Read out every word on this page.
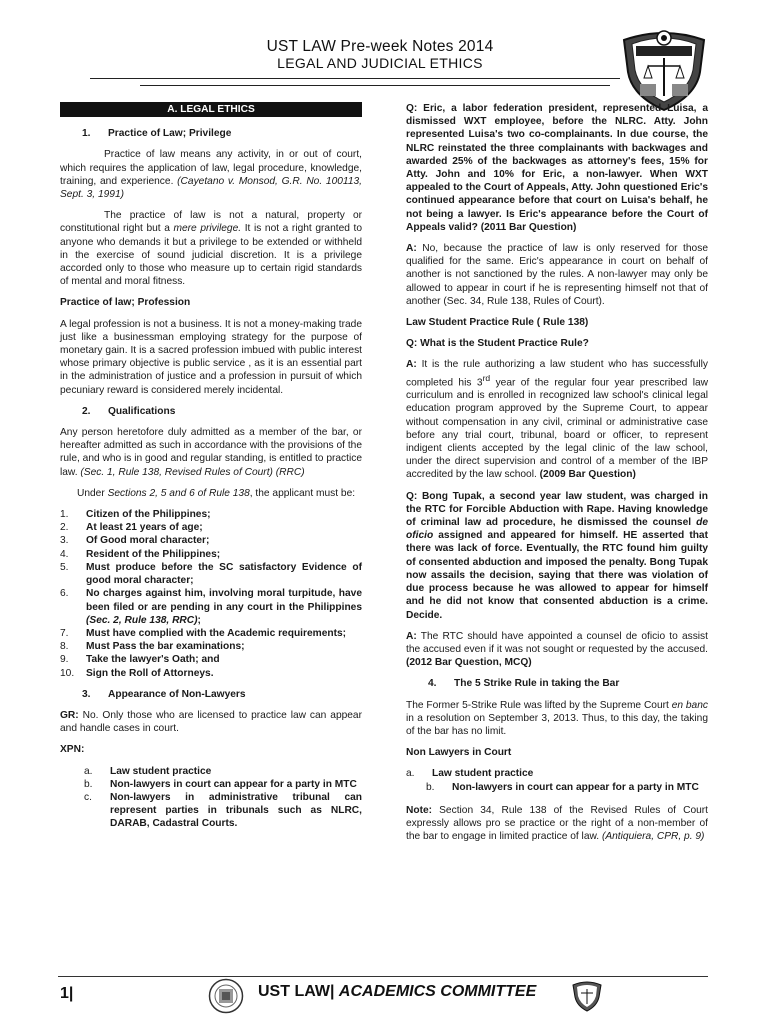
UST LAW Pre-week Notes 2014
LEGAL AND JUDICIAL ETHICS
A. LEGAL ETHICS
1.	Practice of Law; Privilege

Practice of law means any activity, in or out of court, which requires the application of law, legal procedure, knowledge, training, and experience. (Cayetano v. Monsod, G.R. No. 100113, Sept. 3, 1991)

The practice of law is not a natural, property or constitutional right but a mere privilege. It is not a right granted to anyone who demands it but a privilege to be extended or withheld in the exercise of sound judicial discretion. It is a privilege accorded only to those who measure up to certain rigid standards of mental and moral fitness.

Practice of law; Profession

A legal profession is not a business. It is not a money-making trade just like a businessman employing strategy for the purpose of monetary gain. It is a sacred profession imbued with public interest whose primary objective is public service , as it is an essential part in the administration of justice and a profession in pursuit of which pecuniary reward is considered merely incidental.

2.	Qualifications

Any person heretofore duly admitted as a member of the bar, or hereafter admitted as such in accordance with the provisions of the rule, and who is in good and regular standing, is entitled to practice law. (Sec. 1, Rule 138, Revised Rules of Court) (RRC)

Under Sections 2, 5 and 6 of Rule 138, the applicant must be:

1.	Citizen of the Philippines;
2.	At least 21 years of age;
3.	Of Good moral character;
4.	Resident of the Philippines;
5.	Must produce before the SC satisfactory Evidence of good moral character;
6.	No charges against him, involving moral turpitude, have been filed or are pending in any court in the Philippines (Sec. 2, Rule 138, RRC);
7.	Must have complied with the Academic requirements;
8.	Must Pass the bar examinations;
9.	Take the lawyer's Oath; and
10.	Sign the Roll of Attorneys.
3.	Appearance of Non-Lawyers

GR: No. Only those who are licensed to practice law can appear and handle cases in court.

XPN:

a.	Law student practice
b.	Non-lawyers in court can appear for a party in MTC
c.	Non-lawyers in administrative tribunal can represent parties in tribunals such as NLRC, DARAB, Cadastral Courts.

Q: Eric, a labor federation president, represented Luisa, a dismissed WXT employee, before the NLRC. Atty. John represented Luisa's two co-complainants. In due course, the NLRC reinstated the three complainants with backwages and awarded 25% of the backwages as attorney's fees, 15% for Atty. John and 10% for Eric, a non-lawyer. When WXT appealed to the Court of Appeals, Atty. John questioned Eric's continued appearance before that court on Luisa's behalf, he not being a lawyer. Is Eric's appearance before the Court of Appeals valid? (2011 Bar Question)

A: No, because the practice of law is only reserved for those qualified for the same. Eric's appearance in court on behalf of another is not sanctioned by the rules. A non-lawyer may only be allowed to appear in court if he is representing himself not that of another (Sec. 34, Rule 138, Rules of Court).

Law Student Practice Rule ( Rule 138)

Q: What is the Student Practice Rule?

A: It is the rule authorizing a law student who has successfully completed his 3rd year of the regular four year prescribed law curriculum and is enrolled in recognized law school's clinical legal education program approved by the Supreme Court, to appear without compensation in any civil, criminal or administrative case before any trial court, tribunal, board or officer, to represent indigent clients accepted by the legal clinic of the law school, under the direct supervision and control of a member of the IBP accredited by the law school. (2009 Bar Question)

Q: Bong Tupak, a second year law student, was charged in the RTC for Forcible Abduction with Rape. Having knowledge of criminal law ad procedure, he dismissed the counsel de oficio assigned and appeared for himself. HE asserted that there was lack of force. Eventually, the RTC found him guilty of consented abduction and imposed the penalty. Bong Tupak now assails the decision, saying that there was violation of due process because he was allowed to appear for himself and he did not know that consented abduction is a crime. Decide.

A: The RTC should have appointed a counsel de oficio to assist the accused even if it was not sought or requested by the accused. (2012 Bar Question, MCQ)

4.	The 5 Strike Rule in taking the Bar

The Former 5-Strike Rule was lifted by the Supreme Court en banc in a resolution on September 3, 2013. Thus, to this day, the taking of the bar has no limit.

Non Lawyers in Court

a.	Law student practice
b.	Non-lawyers in court can appear for a party in MTC

Note: Section 34, Rule 138 of the Revised Rules of Court expressly allows pro se practice or the right of a non-member of the bar to engage in limited practice of law. (Antiquiera, CPR, p. 9)

1|	UST LAW| ACADEMICS COMMITTEE
